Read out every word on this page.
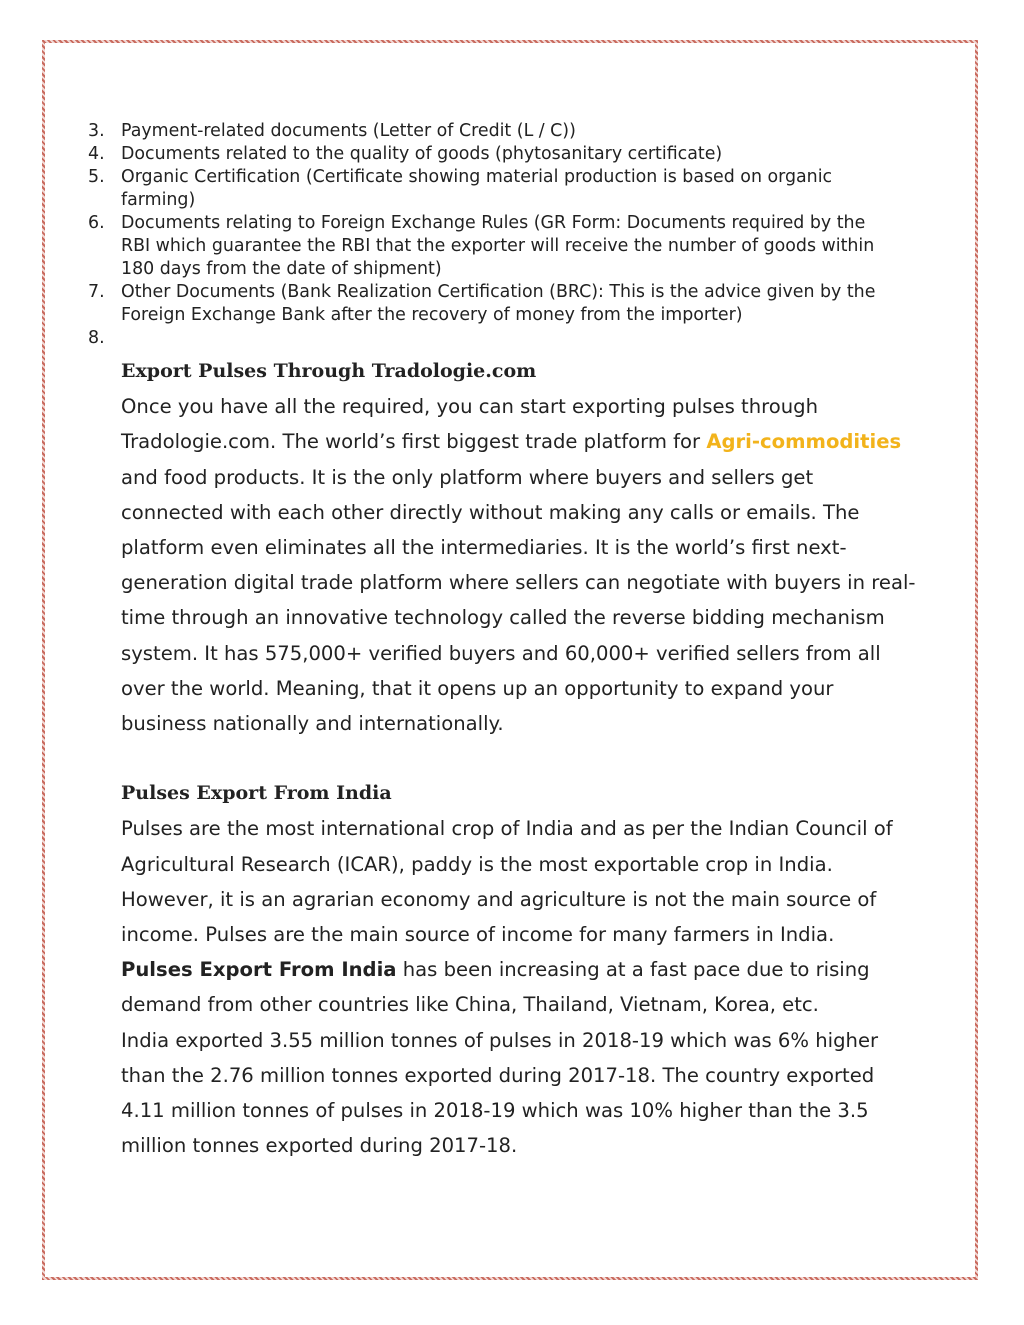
3. Payment-related documents (Letter of Credit (L / C))
4. Documents related to the quality of goods (phytosanitary certificate)
5. Organic Certification (Certificate showing material production is based on organic farming)
6. Documents relating to Foreign Exchange Rules (GR Form: Documents required by the RBI which guarantee the RBI that the exporter will receive the number of goods within 180 days from the date of shipment)
7. Other Documents (Bank Realization Certification (BRC): This is the advice given by the Foreign Exchange Bank after the recovery of money from the importer)
8.

Export Pulses Through Tradologie.com

Once you have all the required, you can start exporting pulses through Tradologie.com. The world’s first biggest trade platform for Agri-commodities and food products. It is the only platform where buyers and sellers get connected with each other directly without making any calls or emails. The platform even eliminates all the intermediaries. It is the world’s first next-generation digital trade platform where sellers can negotiate with buyers in real-time through an innovative technology called the reverse bidding mechanism system. It has 575,000+ verified buyers and 60,000+ verified sellers from all over the world. Meaning, that it opens up an opportunity to expand your business nationally and internationally.

Pulses Export From India

Pulses are the most international crop of India and as per the Indian Council of Agricultural Research (ICAR), paddy is the most exportable crop in India. However, it is an agrarian economy and agriculture is not the main source of income. Pulses are the main source of income for many farmers in India.

Pulses Export From India has been increasing at a fast pace due to rising demand from other countries like China, Thailand, Vietnam, Korea, etc.

India exported 3.55 million tonnes of pulses in 2018-19 which was 6% higher than the 2.76 million tonnes exported during 2017-18. The country exported 4.11 million tonnes of pulses in 2018-19 which was 10% higher than the 3.5 million tonnes exported during 2017-18.
